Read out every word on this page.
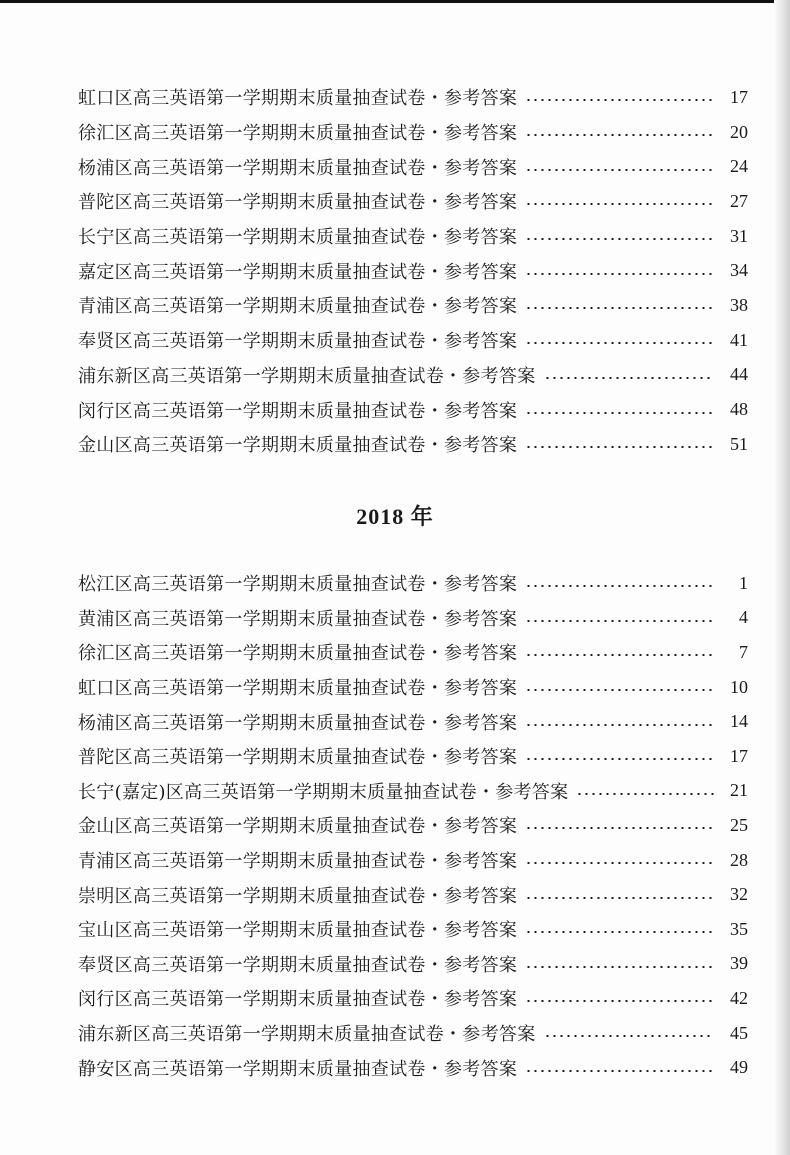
虹口区高三英语第一学期期末质量抽查试卷・参考答案	17
徐汇区高三英语第一学期期末质量抽查试卷・参考答案	20
杨浦区高三英语第一学期期末质量抽查试卷・参考答案	24
普陀区高三英语第一学期期末质量抽查试卷・参考答案	27
长宁区高三英语第一学期期末质量抽查试卷・参考答案	31
嘉定区高三英语第一学期期末质量抽查试卷・参考答案	34
青浦区高三英语第一学期期末质量抽查试卷・参考答案	38
奉贤区高三英语第一学期期末质量抽查试卷・参考答案	41
浦东新区高三英语第一学期期末质量抽查试卷・参考答案	44
闵行区高三英语第一学期期末质量抽查试卷・参考答案	48
金山区高三英语第一学期期末质量抽查试卷・参考答案	51
2018 年
松江区高三英语第一学期期末质量抽查试卷・参考答案	1
黄浦区高三英语第一学期期末质量抽查试卷・参考答案	4
徐汇区高三英语第一学期期末质量抽查试卷・参考答案	7
虹口区高三英语第一学期期末质量抽查试卷・参考答案	10
杨浦区高三英语第一学期期末质量抽查试卷・参考答案	14
普陀区高三英语第一学期期末质量抽查试卷・参考答案	17
长宁(嘉定)区高三英语第一学期期末质量抽查试卷・参考答案	21
金山区高三英语第一学期期末质量抽查试卷・参考答案	25
青浦区高三英语第一学期期末质量抽查试卷・参考答案	28
崇明区高三英语第一学期期末质量抽查试卷・参考答案	32
宝山区高三英语第一学期期末质量抽查试卷・参考答案	35
奉贤区高三英语第一学期期末质量抽查试卷・参考答案	39
闵行区高三英语第一学期期末质量抽查试卷・参考答案	42
浦东新区高三英语第一学期期末质量抽查试卷・参考答案	45
静安区高三英语第一学期期末质量抽查试卷・参考答案	49
